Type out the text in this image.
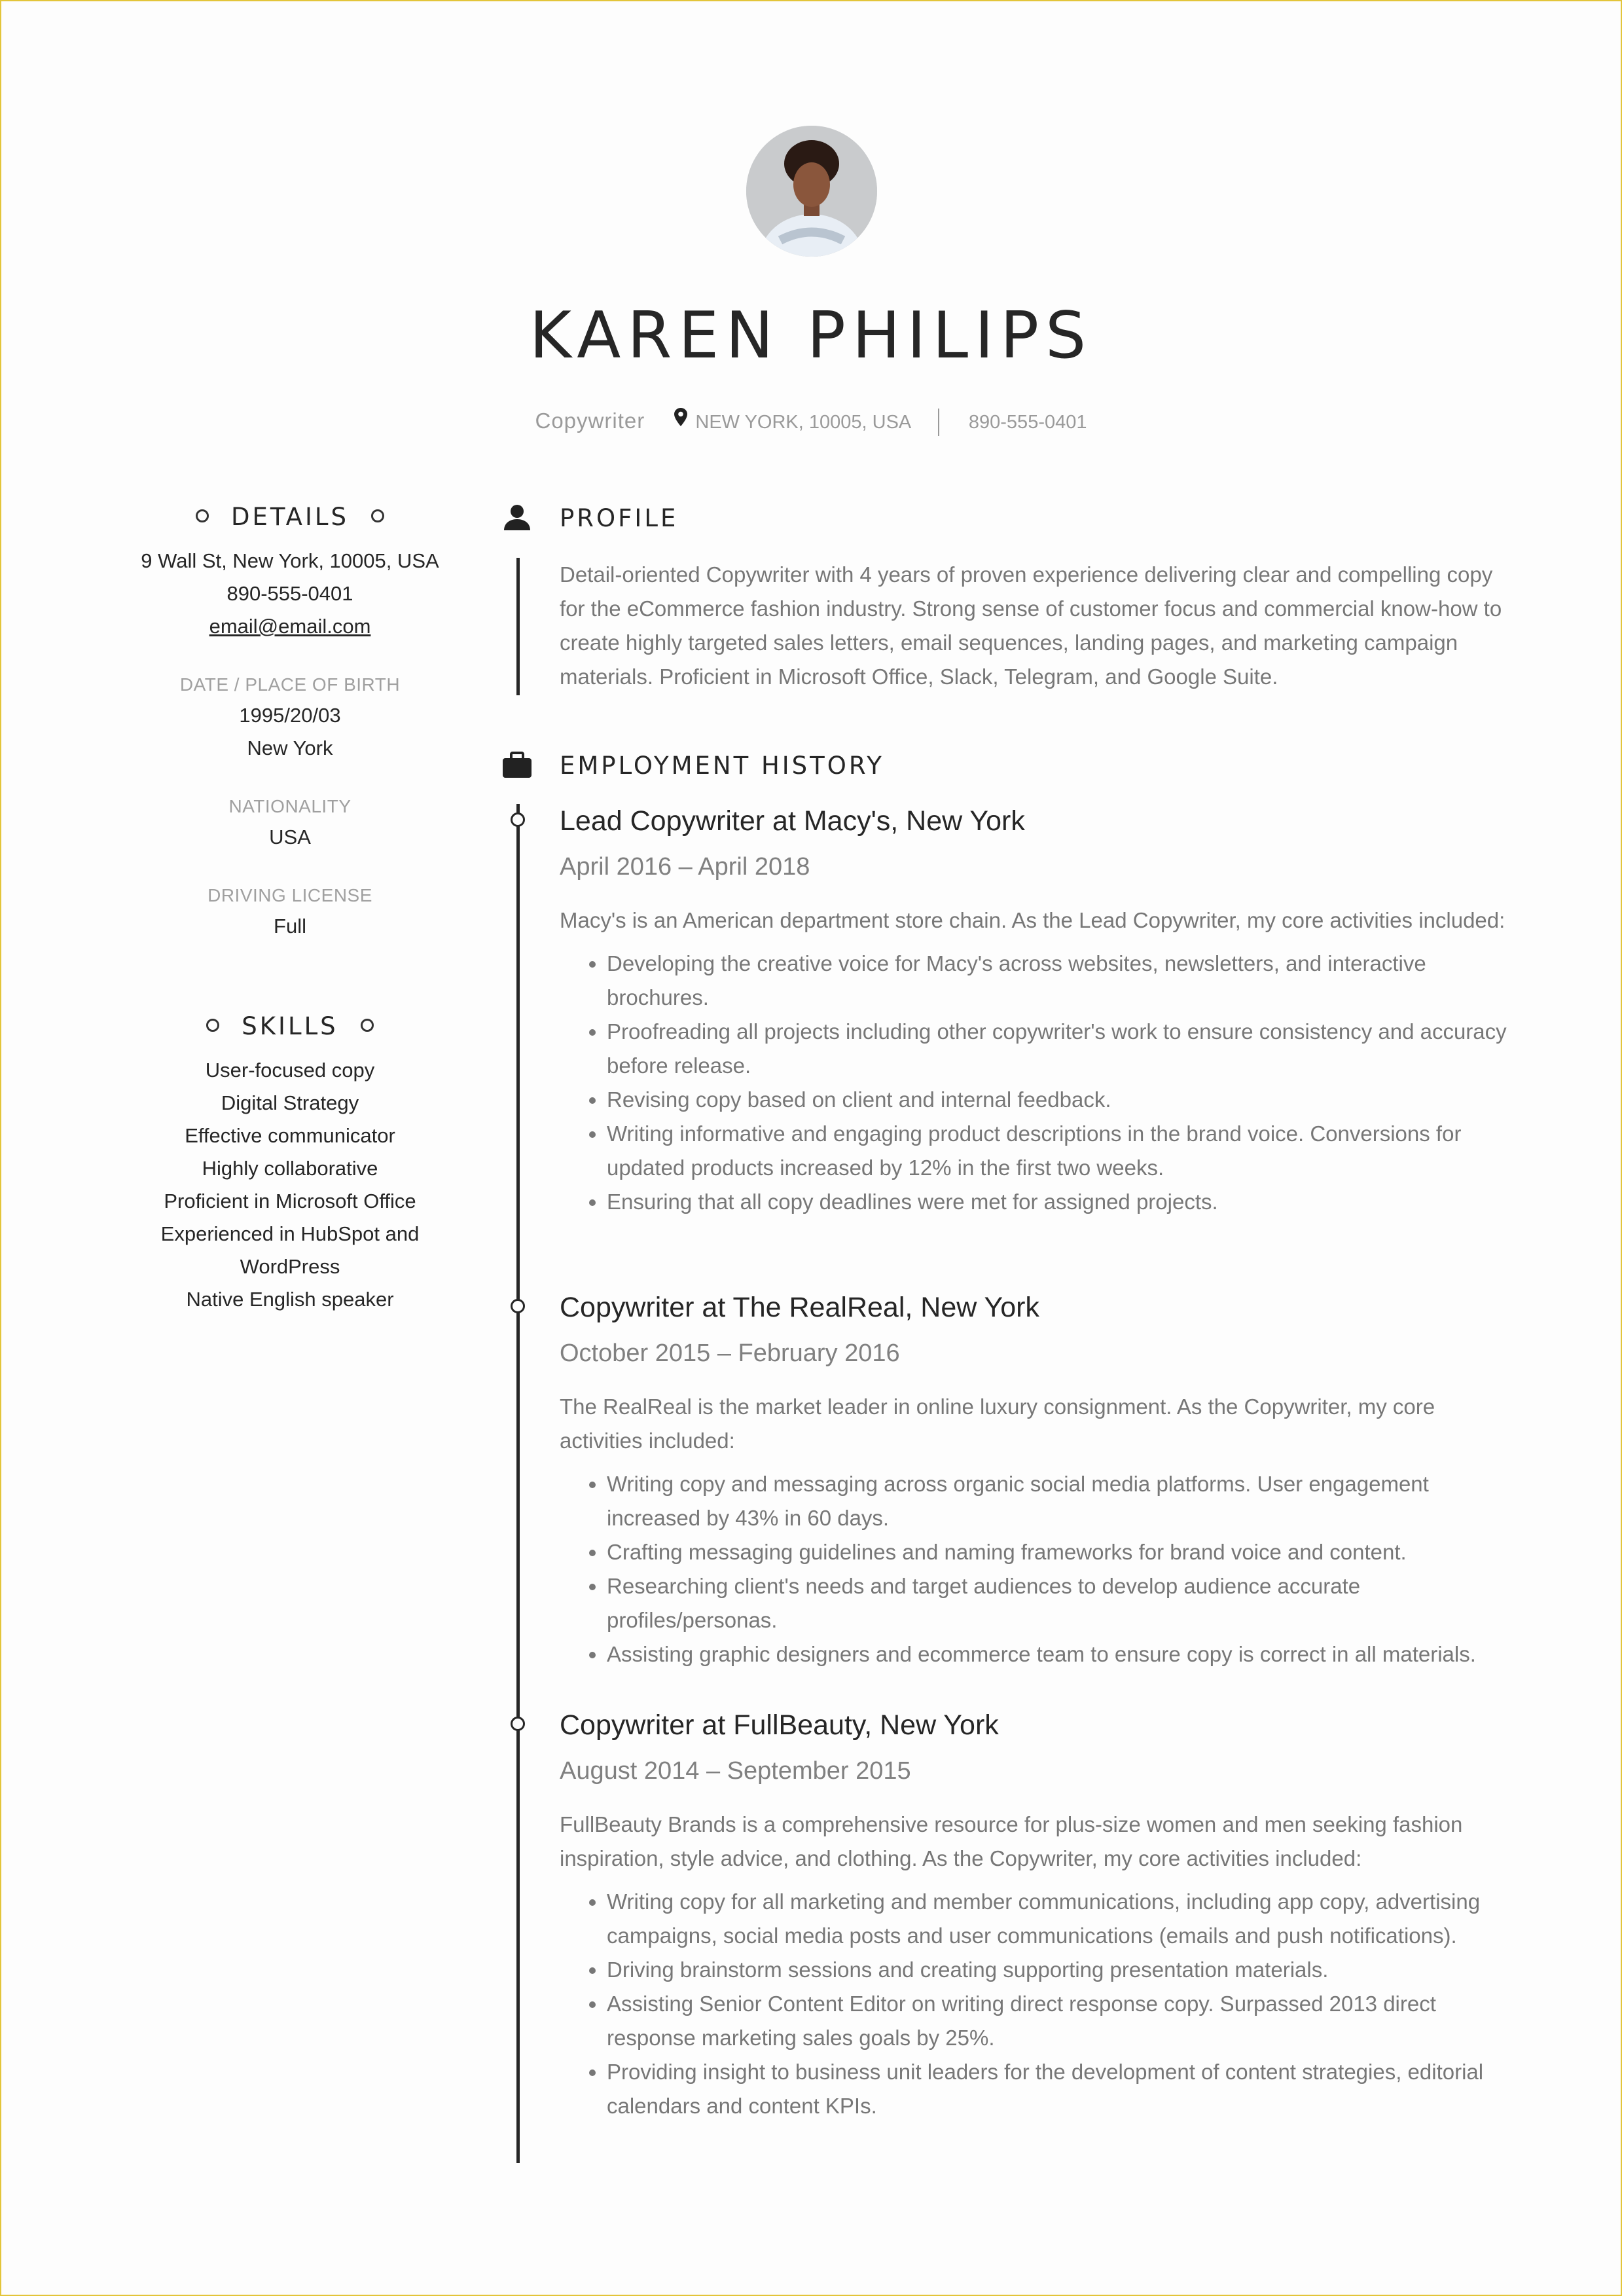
KAREN PHILIPS
Copywriter	NEW YORK, 10005, USA	890-555-0401
DETAILS
9 Wall St, New York, 10005, USA
890-555-0401
email@email.com
DATE / PLACE OF BIRTH
1995/20/03
New York
NATIONALITY
USA
DRIVING LICENSE
Full
SKILLS
User-focused copy
Digital Strategy
Effective communicator
Highly collaborative
Proficient in Microsoft Office
Experienced in HubSpot and WordPress
Native English speaker
PROFILE
Detail-oriented Copywriter with 4 years of proven experience delivering clear and compelling copy for the eCommerce fashion industry. Strong sense of customer focus and commercial know-how to create highly targeted sales letters, email sequences, landing pages, and marketing campaign materials. Proficient in Microsoft Office, Slack, Telegram, and Google Suite.
EMPLOYMENT HISTORY
Lead Copywriter at Macy's, New York
April 2016 – April 2018
Macy's is an American department store chain. As the Lead Copywriter, my core activities included:
• Developing the creative voice for Macy's across websites, newsletters, and interactive brochures.
• Proofreading all projects including other copywriter's work to ensure consistency and accuracy before release.
• Revising copy based on client and internal feedback.
• Writing informative and engaging product descriptions in the brand voice. Conversions for updated products increased by 12% in the first two weeks.
• Ensuring that all copy deadlines were met for assigned projects.
Copywriter at The RealReal, New York
October 2015 – February 2016
The RealReal is the market leader in online luxury consignment. As the Copywriter, my core activities included:
• Writing copy and messaging across organic social media platforms. User engagement increased by 43% in 60 days.
• Crafting messaging guidelines and naming frameworks for brand voice and content.
• Researching client's needs and target audiences to develop audience accurate profiles/personas.
• Assisting graphic designers and ecommerce team to ensure copy is correct in all materials.
Copywriter at FullBeauty, New York
August 2014 – September 2015
FullBeauty Brands is a comprehensive resource for plus-size women and men seeking fashion inspiration, style advice, and clothing. As the Copywriter, my core activities included:
• Writing copy for all marketing and member communications, including app copy, advertising campaigns, social media posts and user communications (emails and push notifications).
• Driving brainstorm sessions and creating supporting presentation materials.
• Assisting Senior Content Editor on writing direct response copy. Surpassed 2013 direct response marketing sales goals by 25%.
• Providing insight to business unit leaders for the development of content strategies, editorial calendars and content KPIs.
